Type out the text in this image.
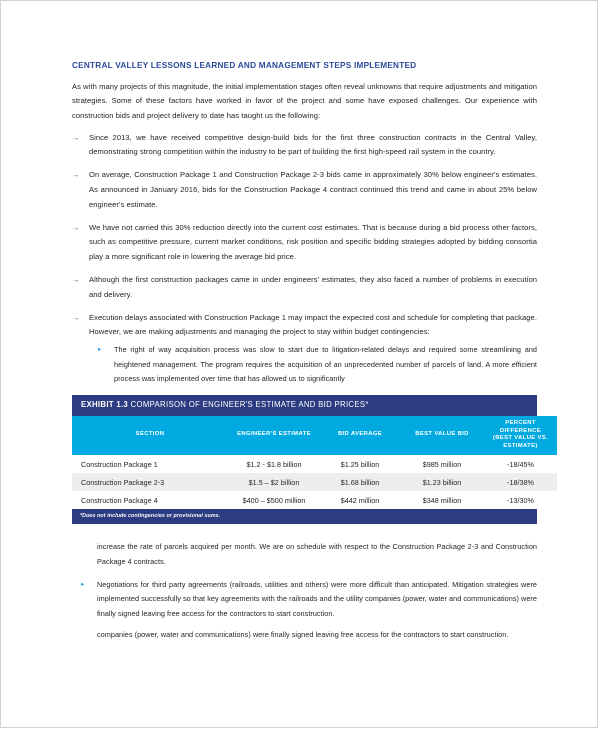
CENTRAL VALLEY LESSONS LEARNED AND MANAGEMENT STEPS IMPLEMENTED

As with many projects of this magnitude, the initial implementation stages often reveal unknowns that require adjustments and mitigation strategies. Some of these factors have worked in favor of the project and some have exposed challenges. Our experience with construction bids and project delivery to date has taught us the following:

→ Since 2013, we have received competitive design-build bids for the first three construction contracts in the Central Valley, demonstrating strong competition within the industry to be part of building the first high-speed rail system in the country.
→ On average, Construction Package 1 and Construction Package 2-3 bids came in approximately 30% below engineer's estimates. As announced in January 2016, bids for the Construction Package 4 contract continued this trend and came in about 25% below engineer's estimate.
→ We have not carried this 30% reduction directly into the current cost estimates. That is because during a bid process other factors, such as competitive pressure, current market conditions, risk position and specific bidding strategies adopted by bidding consortia play a more significant role in lowering the average bid price.
→ Although the first construction packages came in under engineers' estimates, they also faced a number of problems in execution and delivery.
→ Execution delays associated with Construction Package 1 may impact the expected cost and schedule for completing that package. However, we are making adjustments and managing the project to stay within budget contingencies:
▸ The right of way acquisition process was slow to start due to litigation-related delays and required some streamlining and heightened management. The program requires the acquisition of an unprecedented number of parcels of land. A more efficient process was implemented over time that has allowed us to significantly
EXHIBIT 1.3 COMPARISON OF ENGINEER'S ESTIMATE AND BID PRICES*
SECTION	ENGINEER'S ESTIMATE	BID AVERAGE	BEST VALUE BID	PERCENT DIFFERENCE
(BEST VALUE VS. ESTIMATE)

Construction Package 1	$1.2 - $1.8 billion	$1.25 billion	$985 million	-18/45%
Construction Package 2-3	$1.5 – $2 billion	$1.68 billion	$1.23 billion	-18/38%
Construction Package 4	$400 – $500 million	$442 million	$348 million	-13/30%
*Does not include contingencies or provisional sums.

increase the rate of parcels acquired per month. We are on schedule with respect to the Construction Package 2-3 and Construction Package 4 contracts.

▸ Negotiations for third party agreements (railroads, utilities and others) were more difficult than anticipated. Mitigation strategies were implemented successfully so that key agreements with the railroads and the utility companies (power, water and communications) were finally signed leaving free access for the contractors to start construction.

companies (power, water and communications) were finally signed leaving free access for the contractors to start construction.
